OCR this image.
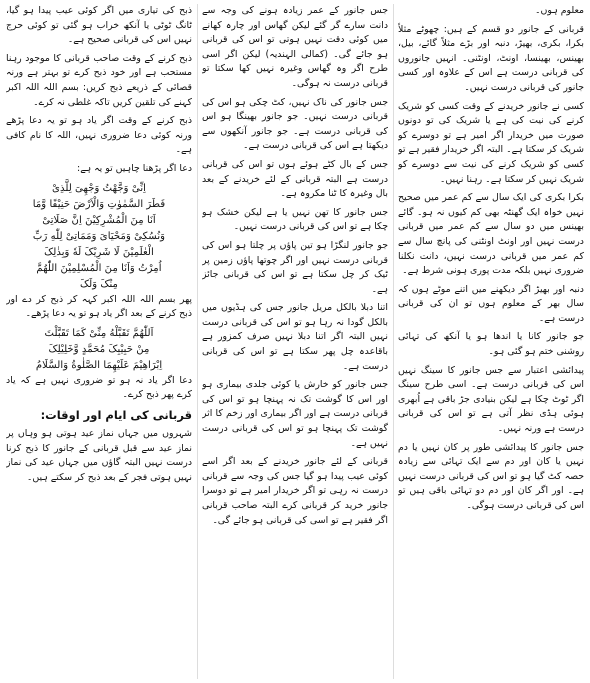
معلوم ہوں۔

قربانی کے جانور دو قسم کے ہیں: چھوٹے مثلاً بکرا، بکری، بھیڑ، دنبہ اور بڑے مثلاً گائے، بیل، بھینس، بھینسا، اونٹ، اونٹنی۔ انہیں جانوروں کی قربانی درست ہے اس کے علاوہ اور کسی جانور کی قربانی درست نہیں۔

کسی نے جانور خریدنے کے وقت کسی کو شریک کرنے کی نیت کی ہے یا شریک کی تو دونوں صورت میں خریدار اگر امیر ہے تو دوسرے کو شریک کر سکتا ہے۔ البتہ اگر خریدار فقیر ہے تو کسی کو شریک کرنے کی نیت سے دوسرے کو شریک نہیں کر سکتا ہے۔ رہنا نہیں۔

بکرا بکری کی ایک سال سے کم عمر میں صحیح نہیں خواہ ایک گھنٹہ بھی کم کیوں نہ ہو۔ گائے بھینس میں دو سال سے کم عمر میں قربانی درست نہیں اور اونٹ اونٹنی کی پانچ سال سے کم عمر میں قربانی درست نہیں، دانت نکلنا ضروری نہیں بلکہ مدت پوری ہونی شرط ہے۔

دنبہ اور بھیڑ اگر دیکھنے میں اتنے موٹے ہوں کہ سال بھر کے معلوم ہوں تو ان کی قربانی درست ہے۔

جو جانور کانا یا اندھا ہو یا آنکھ کی تہائی روشنی ختم ہو گئی ہو۔

پیدائشی اعتبار سے جس جانور کا سینگ نہیں اس کی قربانی درست ہے۔ اسی طرح سینگ اگر ٹوٹ چکا ہے لیکن بنیادی جڑ باقی ہے اُبھری ہوئی ہڈی نظر آتی ہے تو اس کی قربانی درست ہے ورنہ نہیں۔

جس جانور کا پیدائشی طور پر کان نہیں یا دم نہیں یا کان اور دم سے ایک تہائی سے زیادہ حصہ کٹ گیا ہو تو اس کی قربانی درست نہیں ہے۔ اور اگر کان اور دم دو تہائی باقی ہیں تو اس کی قربانی درست ہوگی۔

جس جانور کے عمر زیادہ ہونے کی وجہ سے دانت سارے گر گئے لیکن گھاس اور چارہ کھانے میں کوئی دقت نہیں ہوتی تو اس کی قربانی ہو جائے گی۔ (کمالی الہندیہ) لیکن اگر اسی طرح اگر وہ گھاس وغیرہ نہیں کھا سکتا تو قربانی درست نہ ہوگی۔

جس جانور کی ناک نہیں، کٹ چکی ہو اس کی قربانی درست نہیں۔ جو جانور بھینگا ہو اس کی قربانی درست ہے۔ جو جانور آنکھوں سے دیکھتا ہے اس کی قربانی درست ہے۔

جس کے بال کٹے ہوئے ہوں تو اس کی قربانی درست ہے البتہ قربانی کے لئے خریدنے کے بعد بال وغیرہ کا ٹنا مکروہ ہے۔

جس جانور کا تھن نہیں یا ہے لیکن خشک ہو چکا ہے تو اس کی قربانی درست نہیں۔

جو جانور لنگڑا ہو تین پاؤں پر چلتا ہو اس کی قربانی درست نہیں اور اگر چوتھا پاؤں زمین پر ٹیک کر چل سکتا ہے تو اس کی قربانی جائز ہے۔

اتنا دبلا بالکل مریل جانور جس کی ہڈیوں میں بالکل گودا نہ رہا ہو تو اس کی قربانی درست نہیں البتہ اگر اتنا دبلا نہیں صرف کمزور ہے باقاعدہ چل پھر سکتا ہے تو اس کی قربانی درست ہے۔

جس جانور کو خارش یا کوئی جلدی بیماری ہو اور اس کا گوشت تک نہ پہنچا ہو تو اس کی قربانی درست ہے اور اگر بیماری اور زخم کا اثر گوشت تک پہنچا ہو تو اس کی قربانی درست نہیں ہے۔

قربانی کے لئے جانور خریدنے کے بعد اگر اسے کوئی عیب پیدا ہو گیا جس کی وجہ سے قربانی درست نہ رہی تو اگر خریدار امیر ہے تو دوسرا جانور خرید کر قربانی کرے البتہ صاحب قربانی اگر فقیر ہے تو اسی کی قربانی ہو جائے گی۔

ذبح کی تیاری میں اگر کوئی عیب پیدا ہو گیا، ٹانگ ٹوٹی یا آنکھ خراب ہو گئی تو کوئی حرج نہیں اس کی قربانی صحیح ہے۔

ذبح کرنے کے وقت صاحب قربانی کا موجود رہنا مستحب ہے اور خود ذبح کرے تو بہتر ہے ورنہ قصائی کے ذریعے ذبح کریں: بسم اللہ اللہ اکبر کہنے کی تلقین کریں تاکہ غلطی نہ کرے۔

ذبح کرنے کے وقت اگر یاد ہو تو یہ دعا پڑھے ورنہ کوئی دعا ضروری نہیں، اللہ کا نام کافی ہے۔

دعا اگر پڑھنا چاہیں تو یہ ہے:

اِنِّیْ وَجَّهْتُ وَجْهِیَ لِلَّذِیْ

فَطَرَ السَّمٰوٰتِ وَالْاَرْضَ حَنِیْفًا وَّمَا

اَنَا مِنَ الْمُشْرِکِیْنَ اِنَّ صَلَاتِیْ

وَنُسُکِیْ وَمَحْیَایَ وَمَمَاتِیْ لِلّٰهِ رَبِّ

الْعٰلَمِیْنَ لَا شَرِیْکَ لَهٗ وَبِذٰلِکَ

اُمِرْتُ وَاَنَا مِنَ الْمُسْلِمِیْنَ اللّٰهُمَّ

مِنْکَ وَلَکَ

پھر بسم اللہ اللہ اکبر کہہ کر ذبح کر دے اور ذبح کرنے کے بعد اگر یاد ہو تو یہ دعا پڑھے۔

اَللّٰهُمَّ تَقَبَّلْهُ مِنِّیْ کَمَا تَقَبَّلْتَ

مِنْ حَبِیْبِکَ مُحَمَّدٍ وَّخَلِیْلِکَ

اِبْرَاهِیْمَ عَلَیْهِمَا الصَّلٰوةُ وَالسَّلَامُ

دعا اگر یاد نہ ہو تو ضروری نہیں ہے کہ یاد کرے پھر ذبح کرے۔

قربانی کی ایام اور اوقات:

شہروں میں جہاں نماز عید ہوتی ہو وہاں پر نماز عید سے قبل قربانی کے جانور کا ذبح کرنا درست نہیں البتہ گاؤں میں جہاں عید کی نماز نہیں ہوتی فجر کے بعد ذبح کر سکتے ہیں۔
